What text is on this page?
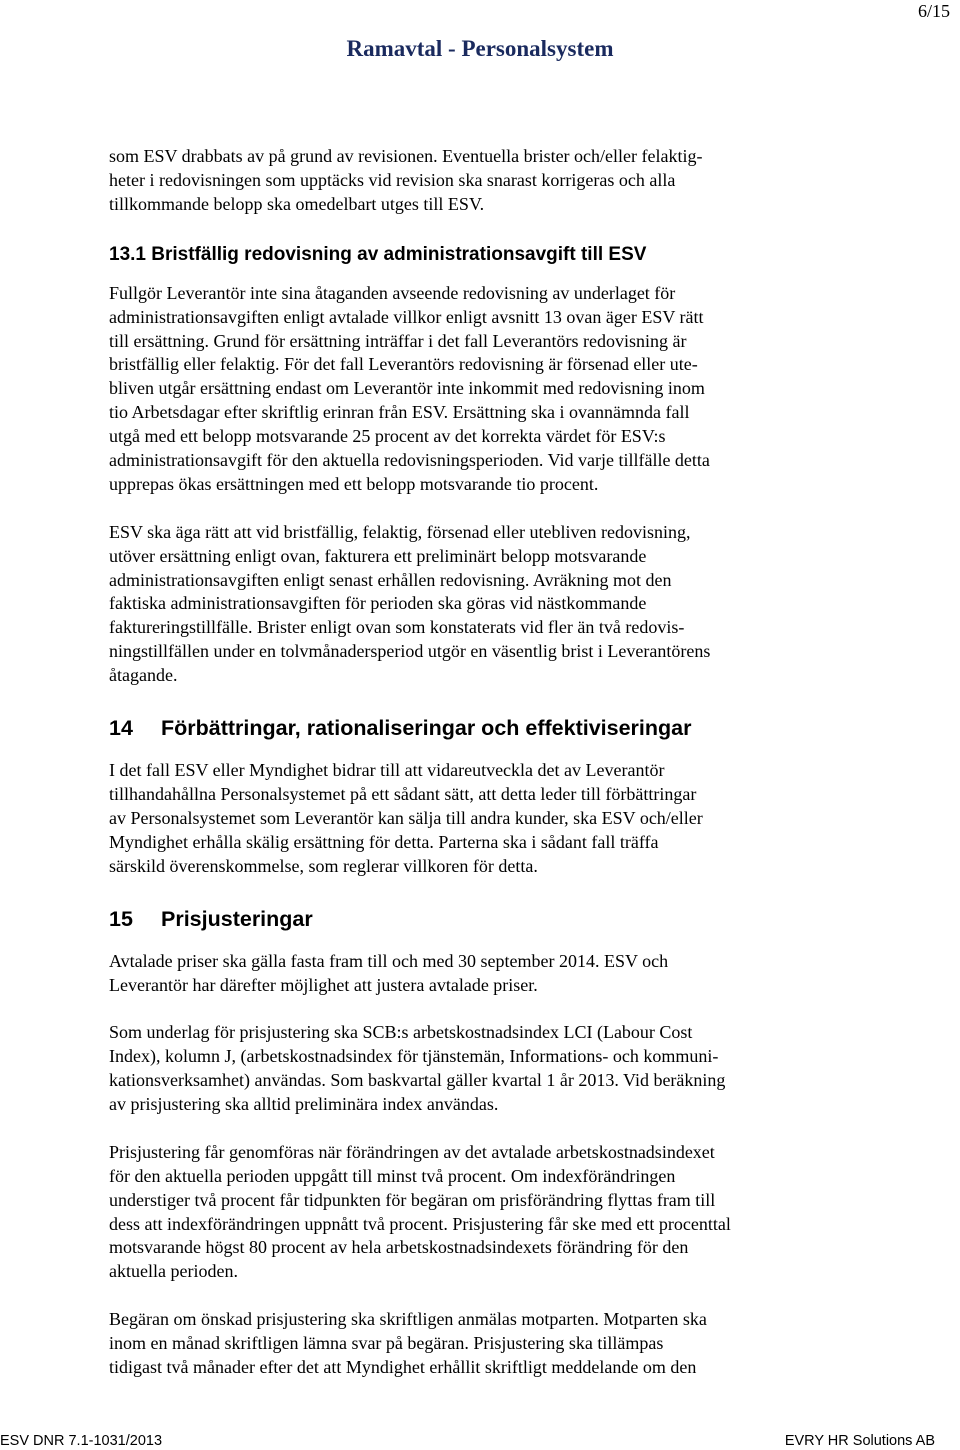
6/15
Ramavtal - Personalsystem

som ESV drabbats av på grund av revisionen. Eventuella brister och/eller felaktig-

heter i redovisningen som upptäcks vid revision ska snarast korrigeras och alla

tillkommande belopp ska omedelbart utges till ESV.

13.1 Bristfällig redovisning av administrationsavgift till ESV

Fullgör Leverantör inte sina åtaganden avseende redovisning av underlaget för

administrationsavgiften enligt avtalade villkor enligt avsnitt 13 ovan äger ESV rätt

till ersättning. Grund för ersättning inträffar i det fall Leverantörs redovisning är

bristfällig eller felaktig. För det fall Leverantörs redovisning är försenad eller ute-

bliven utgår ersättning endast om Leverantör inte inkommit med redovisning inom

tio Arbetsdagar efter skriftlig erinran från ESV. Ersättning ska i ovannämnda fall

utgå med ett belopp motsvarande 25 procent av det korrekta värdet för ESV:s

administrationsavgift för den aktuella redovisningsperioden. Vid varje tillfälle detta

upprepas ökas ersättningen med ett belopp motsvarande tio procent.

ESV ska äga rätt att vid bristfällig, felaktig, försenad eller utebliven redovisning,

utöver ersättning enligt ovan, fakturera ett preliminärt belopp motsvarande

administrationsavgiften enligt senast erhållen redovisning. Avräkning mot den

faktiska administrationsavgiften för perioden ska göras vid nästkommande

faktureringstillfälle. Brister enligt ovan som konstaterats vid fler än två redovis-

ningstillfällen under en tolvmånadersperiod utgör en väsentlig brist i Leverantörens

åtagande.

14 Förbättringar, rationaliseringar och effektiviseringar

I det fall ESV eller Myndighet bidrar till att vidareutveckla det av Leverantör

tillhandahållna Personalsystemet på ett sådant sätt, att detta leder till förbättringar

av Personalsystemet som Leverantör kan sälja till andra kunder, ska ESV och/eller

Myndighet erhålla skälig ersättning för detta. Parterna ska i sådant fall träffa

särskild överenskommelse, som reglerar villkoren för detta.

15 Prisjusteringar

Avtalade priser ska gälla fasta fram till och med 30 september 2014. ESV och

Leverantör har därefter möjlighet att justera avtalade priser.

Som underlag för prisjustering ska SCB:s arbetskostnadsindex LCI (Labour Cost

Index), kolumn J, (arbetskostnadsindex för tjänstemän, Informations- och kommuni-

kationsverksamhet) användas. Som baskvartal gäller kvartal 1 år 2013. Vid beräkning

av prisjustering ska alltid preliminära index användas.

Prisjustering får genomföras när förändringen av det avtalade arbetskostnadsindexet

för den aktuella perioden uppgått till minst två procent. Om indexförändringen

understiger två procent får tidpunkten för begäran om prisförändring flyttas fram till

dess att indexförändringen uppnått två procent. Prisjustering får ske med ett procenttal

motsvarande högst 80 procent av hela arbetskostnadsindexets förändring för den

aktuella perioden.

Begäran om önskad prisjustering ska skriftligen anmälas motparten. Motparten ska

inom en månad skriftligen lämna svar på begäran. Prisjustering ska tillämpas

tidigast två månader efter det att Myndighet erhållit skriftligt meddelande om den

ESV DNR 7.1-1031/2013	EVRY HR Solutions AB
